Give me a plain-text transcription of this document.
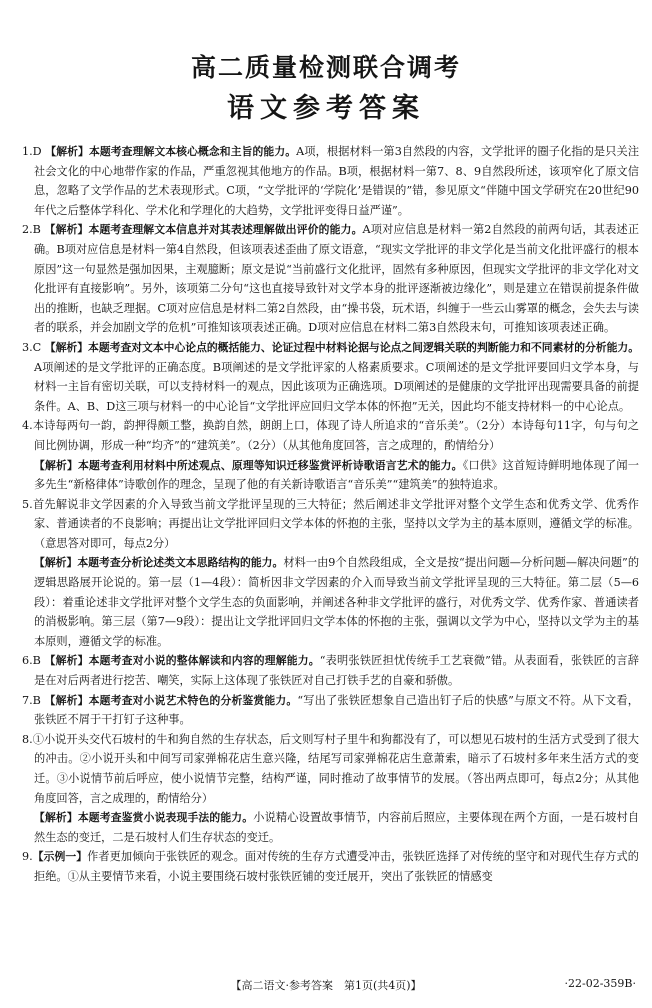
高二质量检测联合调考
语文参考答案

1.D 【解析】本题考查理解文本核心概念和主旨的能力。A项，根据材料一第3自然段的内容，文学批评的圈子化指的是只关注社会文化的中心地带作家的作品，严重忽视其他地方的作品。B项，根据材料一第7、8、9自然段所述，该项窄化了原文信息，忽略了文学作品的艺术表现形式。C项，“文学批评的‘学院化’是错误的”错，参见原文“伴随中国文学研究在20世纪90年代之后整体学科化、学术化和学理化的大趋势，文学批评变得日益严谨”。

2.B 【解析】本题考查理解文本信息并对其表述理解做出评价的能力。A项对应信息是材料一第2自然段的前两句话，其表述正确。B项对应信息是材料一第4自然段，但该项表述歪曲了原文语意，“现实文学批评的非文学化是当前文化批评盛行的根本原因”这一句显然是强加因果，主观臆断；原文是说“当前盛行文化批评，固然有多种原因，但现实文学批评的非文学化对文化批评有直接影响”。另外，该项第二分句“这也直接导致针对文学本身的批评逐渐被边缘化”，则是建立在错误前提条件做出的推断，也缺乏理据。C项对应信息是材料二第2自然段，由“操书袋，玩术语，纠缠于一些云山雾罩的概念，会失去与读者的联系，并会加剧文学的危机”可推知该项表述正确。D项对应信息在材料二第3自然段末句，可推知该项表述正确。

3.C 【解析】本题考查对文本中心论点的概括能力、论证过程中材料论据与论点之间逻辑关联的判断能力和不同素材的分析能力。A项阐述的是文学批评的正确态度。B项阐述的是文学批评家的人格素质要求。C项阐述的是文学批评要回归文学本身，与材料一主旨有密切关联，可以支持材料一的观点，因此该项为正确选项。D项阐述的是健康的文学批评出现需要具备的前提条件。A、B、D这三项与材料一的中心论旨“文学批评应回归文学本体的怀抱”无关，因此均不能支持材料一的中心论点。

4.本诗每两句一韵，韵押得颇工整，换韵自然，朗朗上口，体现了诗人所追求的“音乐美”。（2分）本诗每句11字，句与句之间比例协调，形成一种“均齐”的“建筑美”。（2分）（从其他角度回答，言之成理的，酌情给分）

【解析】本题考查利用材料中所述观点、原理等知识迁移鉴赏评析诗歌语言艺术的能力。《口供》这首短诗鲜明地体现了闻一多先生“新格律体”诗歌创作的理念，呈现了他的有关新诗歌语言“音乐美”“建筑美”的独特追求。

5.首先解说非文学因素的介入导致当前文学批评呈现的三大特征；然后阐述非文学批评对整个文学生态和优秀文学、优秀作家、普通读者的不良影响；再提出让文学批评回归文学本体的怀抱的主张，坚持以文学为主的基本原则，遵循文学的标准。（意思答对即可，每点2分）

【解析】本题考查分析论述类文本思路结构的能力。材料一由9个自然段组成，全文是按“提出问题—分析问题—解决问题”的逻辑思路展开论说的。第一层（1—4段）：简析因非文学因素的介入而导致当前文学批评呈现的三大特征。第二层（5—6段）：着重论述非文学批评对整个文学生态的负面影响，并阐述各种非文学批评的盛行，对优秀文学、优秀作家、普通读者的消极影响。第三层（第7—9段）：提出让文学批评回归文学本体的怀抱的主张，强调以文学为中心，坚持以文学为主的基本原则，遵循文学的标准。

6.B 【解析】本题考查对小说的整体解读和内容的理解能力。“表明张铁匠担忧传统手工艺衰微”错。从表面看，张铁匠的言辞是在对后两者进行挖苦、嘲笑，实际上这体现了张铁匠对自己打铁手艺的自豪和骄傲。

7.B 【解析】本题考查对小说艺术特色的分析鉴赏能力。“写出了张铁匠想象自己造出钉子后的快感”与原文不符。从下文看，张铁匠不屑于干打钉子这种事。

8.①小说开头交代石坡村的牛和狗自然的生存状态，后文则写村子里牛和狗都没有了，可以想见石坡村的生活方式受到了很大的冲击。②小说开头和中间写司家弹棉花店生意兴隆，结尾写司家弹棉花店生意萧索，暗示了石坡村多年来生活方式的变迁。③小说情节前后呼应，使小说情节完整，结构严谨，同时推动了故事情节的发展。（答出两点即可，每点2分；从其他角度回答，言之成理的，酌情给分）

【解析】本题考查鉴赏小说表现手法的能力。小说精心设置故事情节，内容前后照应，主要体现在两个方面，一是石坡村自然生态的变迁，二是石坡村人们生存状态的变迁。

9.【示例一】作者更加倾向于张铁匠的观念。面对传统的生存方式遭受冲击，张铁匠选择了对传统的坚守和对现代生存方式的拒绝。①从主要情节来看，小说主要围绕石坡村张铁匠铺的变迁展开，突出了张铁匠的情感变

【高二语文·参考答案　第1页(共4页)】	·22-02-359B·
